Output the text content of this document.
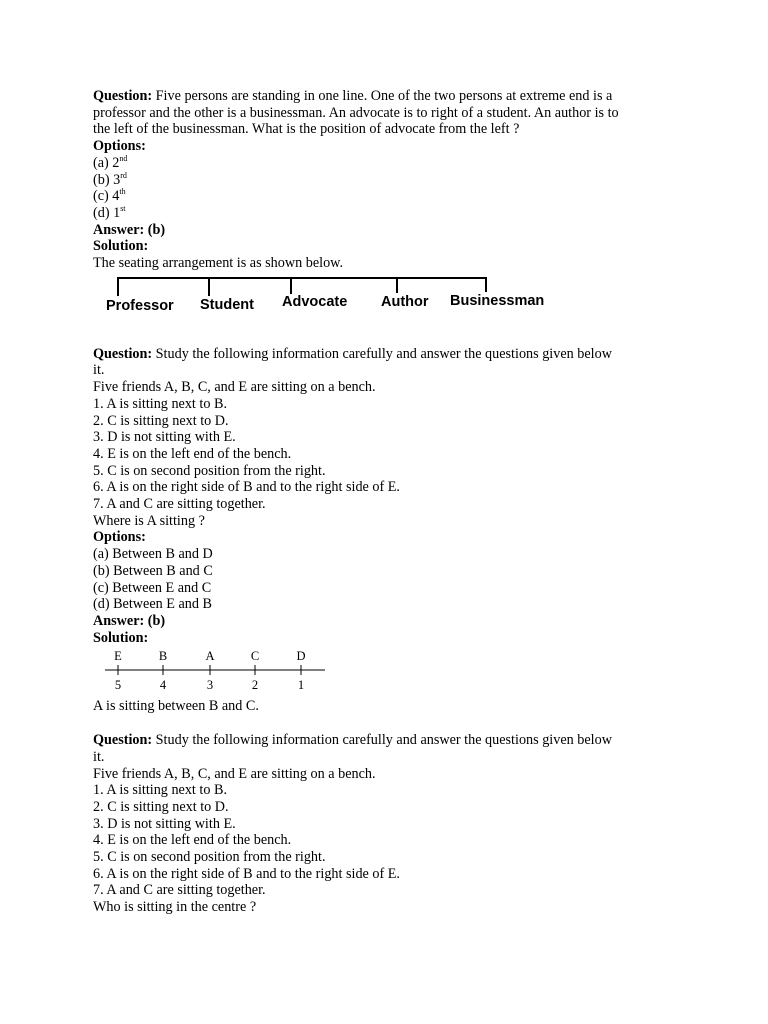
Question: Five persons are standing in one line. One of the two persons at extreme end is a
professor and the other is a businessman. An advocate is to right of a student. An author is to
the left of the businessman. What is the position of advocate from the left ?
Options:
(a) 2nd
(b) 3rd
(c) 4th
(d) 1st
Answer: (b)
Solution:
The seating arrangement is as shown below.
Professor Student Advocate Author Businessman
Question: Study the following information carefully and answer the questions given below
it.
Five friends A, B, C, and E are sitting on a bench.
1. A is sitting next to B.
2. C is sitting next to D.
3. D is not sitting with E.
4. E is on the left end of the bench.
5. C is on second position from the right.
6. A is on the right side of B and to the right side of E.
7. A and C are sitting together.
Where is A sitting ?
Options:
(a) Between B and D
(b) Between B and C
(c) Between E and C
(d) Between E and B
Answer: (b)
Solution:
E	B	A	C	D
5	4	3	2	1
A is sitting between B and C.
Question: Study the following information carefully and answer the questions given below
it.
Five friends A, B, C, and E are sitting on a bench.
1. A is sitting next to B.
2. C is sitting next to D.
3. D is not sitting with E.
4. E is on the left end of the bench.
5. C is on second position from the right.
6. A is on the right side of B and to the right side of E.
7. A and C are sitting together.
Who is sitting in the centre ?
